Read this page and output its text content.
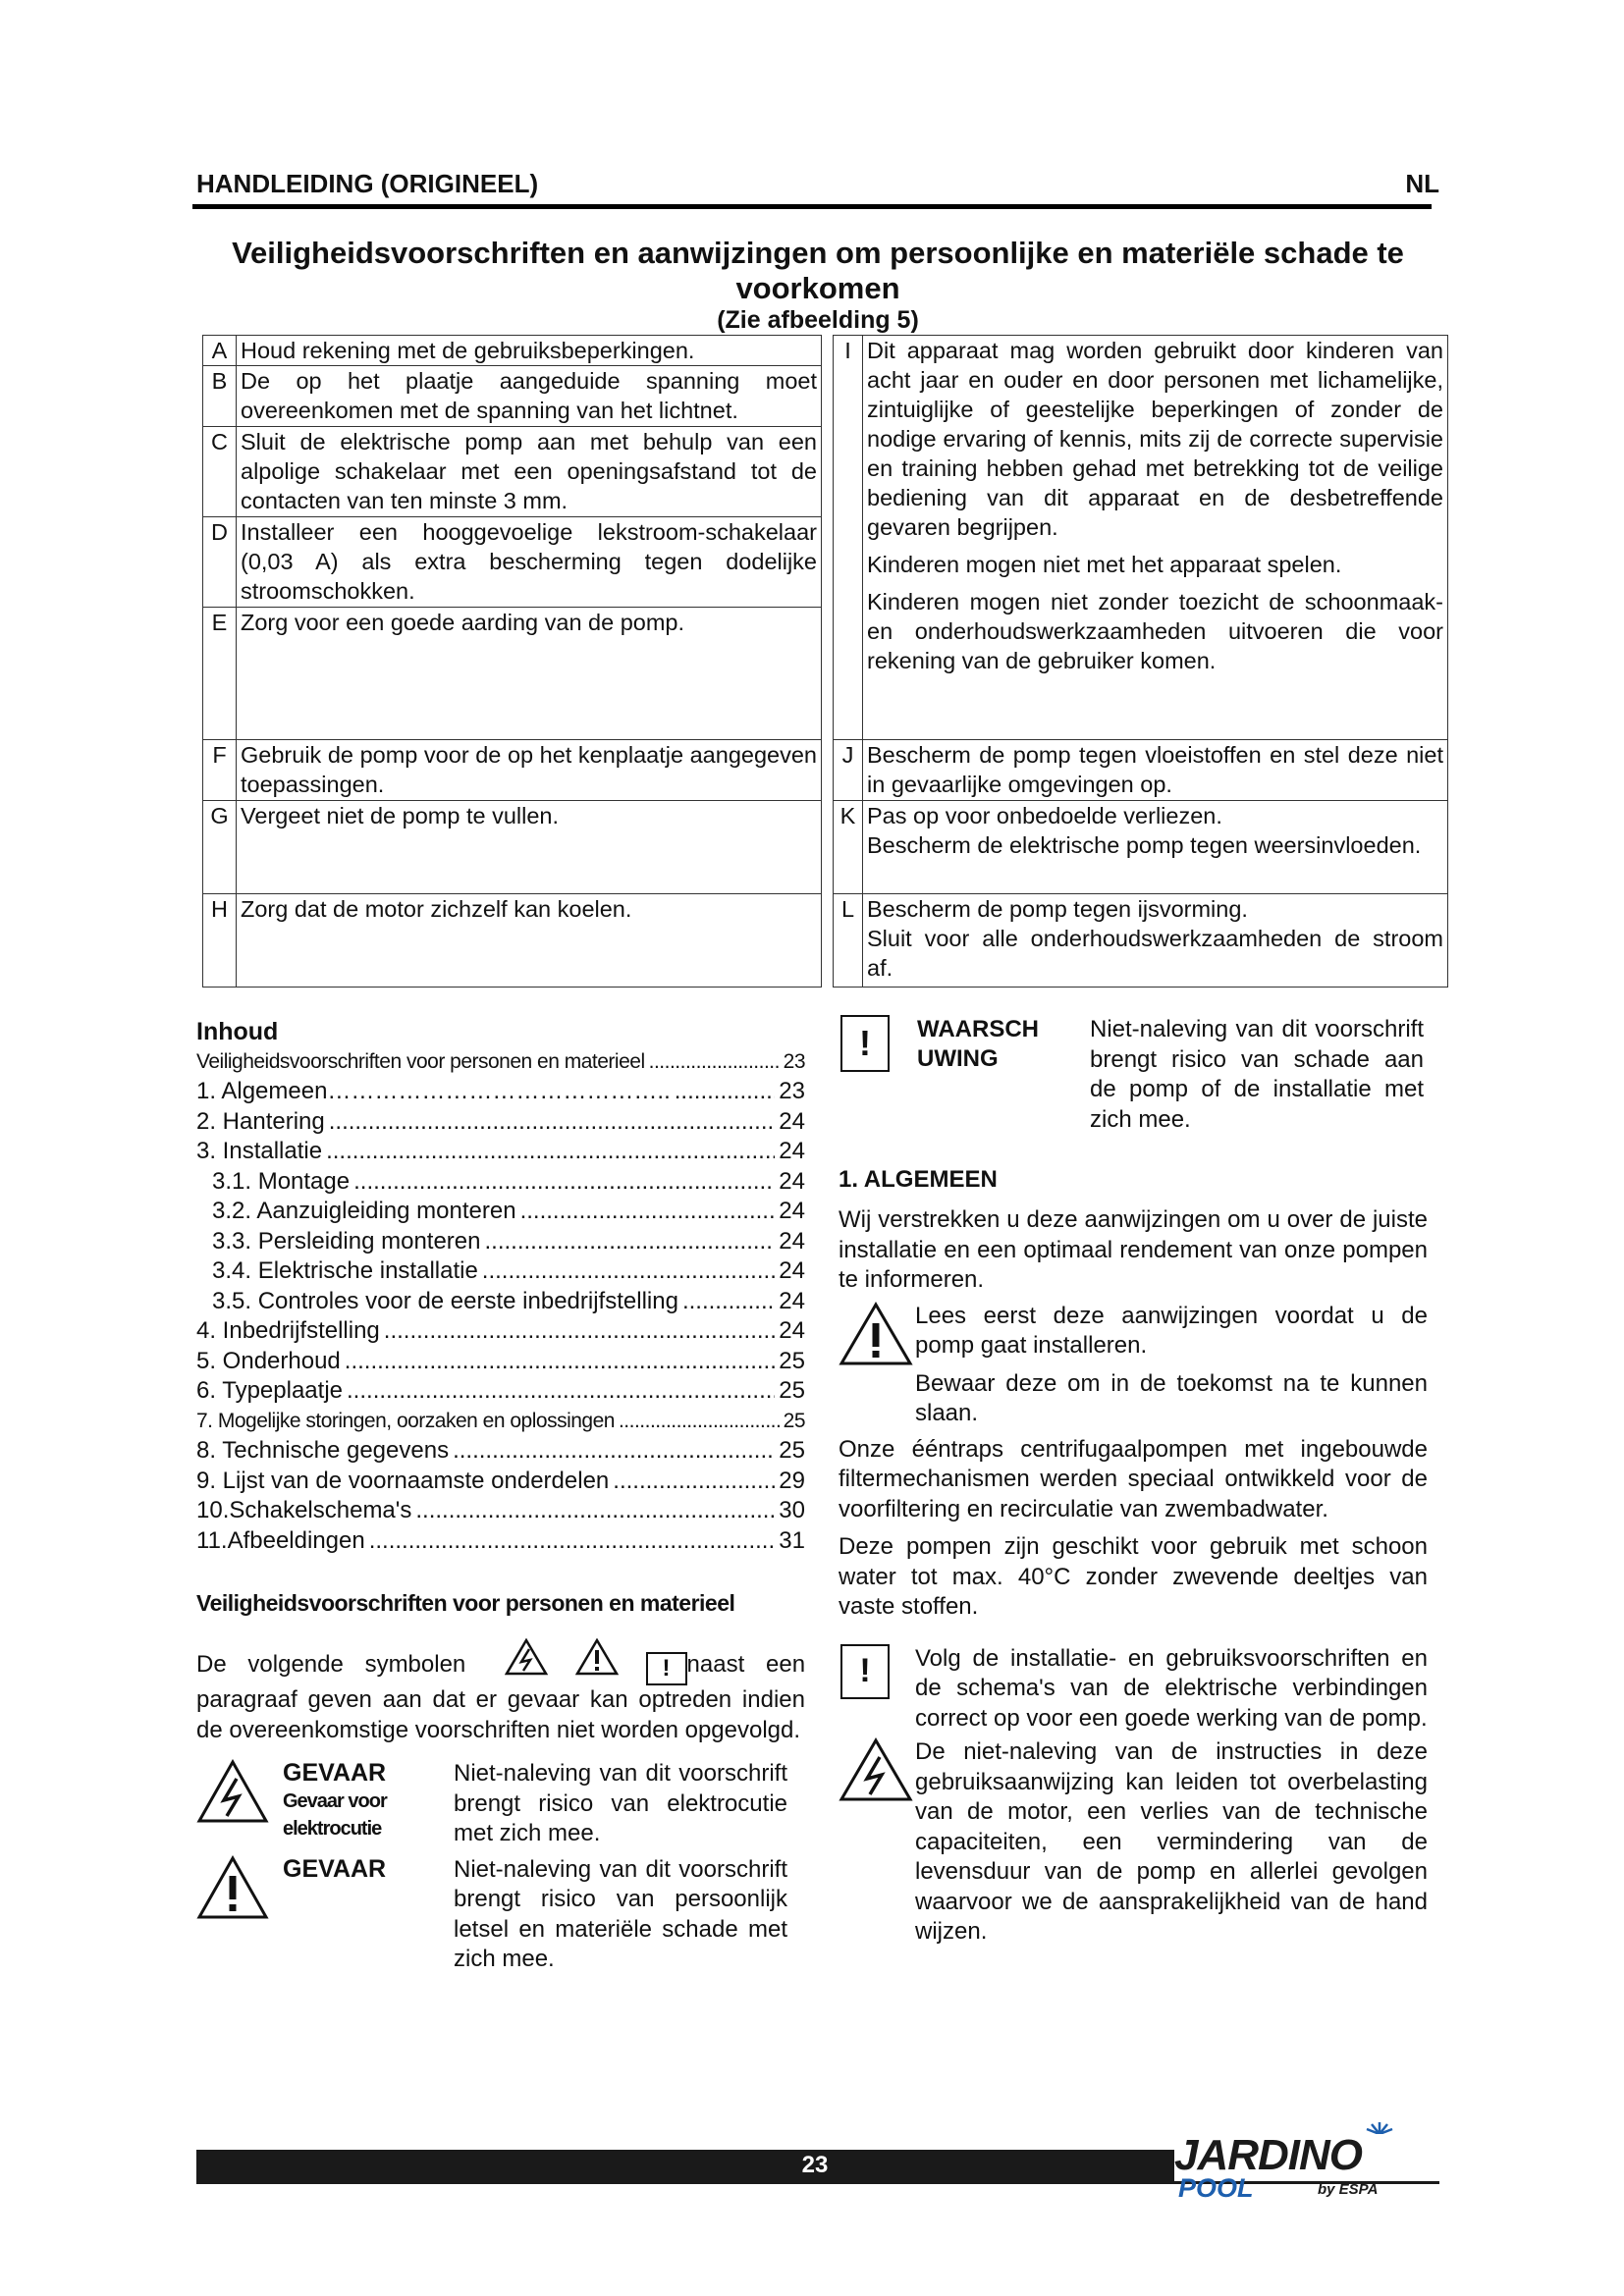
HANDLEIDING (ORIGINEEL)	NL
Veiligheidsvoorschriften en aanwijzingen om persoonlijke en materiële schade te voorkomen
(Zie afbeelding 5)
A	Houd rekening met de gebruiksbeperkingen.		I	Dit apparaat mag worden gebruikt door kinderen van acht jaar en ouder en door personen met lichamelijke, zintuiglijke of geestelijke beperkingen of zonder de nodige ervaring of kennis, mits zij de correcte supervisie en training hebben gehad met betrekking tot de veilige bediening van dit apparaat en de desbetreffende gevaren begrijpen.

Kinderen mogen niet met het apparaat spelen.

Kinderen mogen niet zonder toezicht de schoonmaak- en onderhoudswerkzaamheden uitvoeren die voor rekening van de gebruiker komen.

B	De op het plaatje aangeduide spanning moet overeenkomen met de spanning van het lichtnet.			
C	Sluit de elektrische pomp aan met behulp van een alpolige schakelaar met een openingsafstand tot de contacten van ten minste 3 mm.			
D	Installeer een hooggevoelige lekstroom-schakelaar (0,03 A) als extra bescherming tegen dodelijke stroomschokken.			
E	Zorg voor een goede aarding van de pomp.			
F	Gebruik de pomp voor de op het kenplaatje aangegeven toepassingen.		J	Bescherm de pomp tegen vloeistoffen en stel deze niet in gevaarlijke omgevingen op.
G	Vergeet niet de pomp te vullen.		K	Pas op voor onbedoelde verliezen.
Bescherm de elektrische pomp tegen weersinvloeden.

H	Zorg dat de motor zichzelf kan koelen.		L	Bescherm de pomp tegen ijsvorming.
Sluit voor alle onderhoudswerkzaamheden de stroom af.
Inhoud
Veiligheidsvoorschriften voor personen en materieel .....	23
1. Algemeen…………………………………….. .....	23
2. Hantering .....	24
3. Installatie .....	24
3.1. Montage .....	24
3.2. Aanzuigleiding monteren .....	24
3.3. Persleiding monteren .....	24
3.4. Elektrische installatie .....	24
3.5. Controles voor de eerste inbedrijfstelling .....	24
4. Inbedrijfstelling .....	24
5. Onderhoud .....	25
6. Typeplaatje .....	25
7. Mogelijke storingen, oorzaken en oplossingen .....	25
8. Technische gegevens .....	25
9. Lijst van de voornaamste onderdelen .....	29
10.Schakelschema's .....	30
11.Afbeeldingen .....	31
Veiligheidsvoorschriften voor personen en materieel
De volgende symbolen	! naast een paragraaf geven aan dat er gevaar kan optreden indien de overeenkomstige voorschriften niet worden opgevolgd.
GEVAAR
Gevaar voor elektrocutie
Niet-naleving van dit voorschrift brengt risico van elektrocutie met zich mee.
GEVAAR	Niet-naleving van dit voorschrift brengt risico van persoonlijk letsel en materiële schade met zich mee.
!	WAARSCH UWING
Niet-naleving van dit voorschrift brengt risico van schade aan de pomp of de installatie met zich mee.
1. ALGEMEEN
Wij verstrekken u deze aanwijzingen om u over de juiste installatie en een optimaal rendement van onze pompen te informeren.
Lees eerst deze aanwijzingen voordat u de pomp gaat installeren.
Bewaar deze om in de toekomst na te kunnen slaan.
Onze ééntraps centrifugaalpompen met ingebouwde filtermechanismen werden speciaal ontwikkeld voor de voorfiltering en recirculatie van zwembadwater.
Deze pompen zijn geschikt voor gebruik met schoon water tot max. 40°C zonder zwevende deeltjes van vaste stoffen.
!	Volg de installatie- en gebruiksvoorschriften en de schema's van de elektrische verbindingen correct op voor een goede werking van de pomp.
De niet-naleving van de instructies in deze gebruiksaanwijzing kan leiden tot overbelasting van de motor, een verlies van de technische capaciteiten, een vermindering van de levensduur van de pomp en allerlei gevolgen waarvoor we de aansprakelijkheid van de hand wijzen.
23	JARDINO
POOL	by ESPA
